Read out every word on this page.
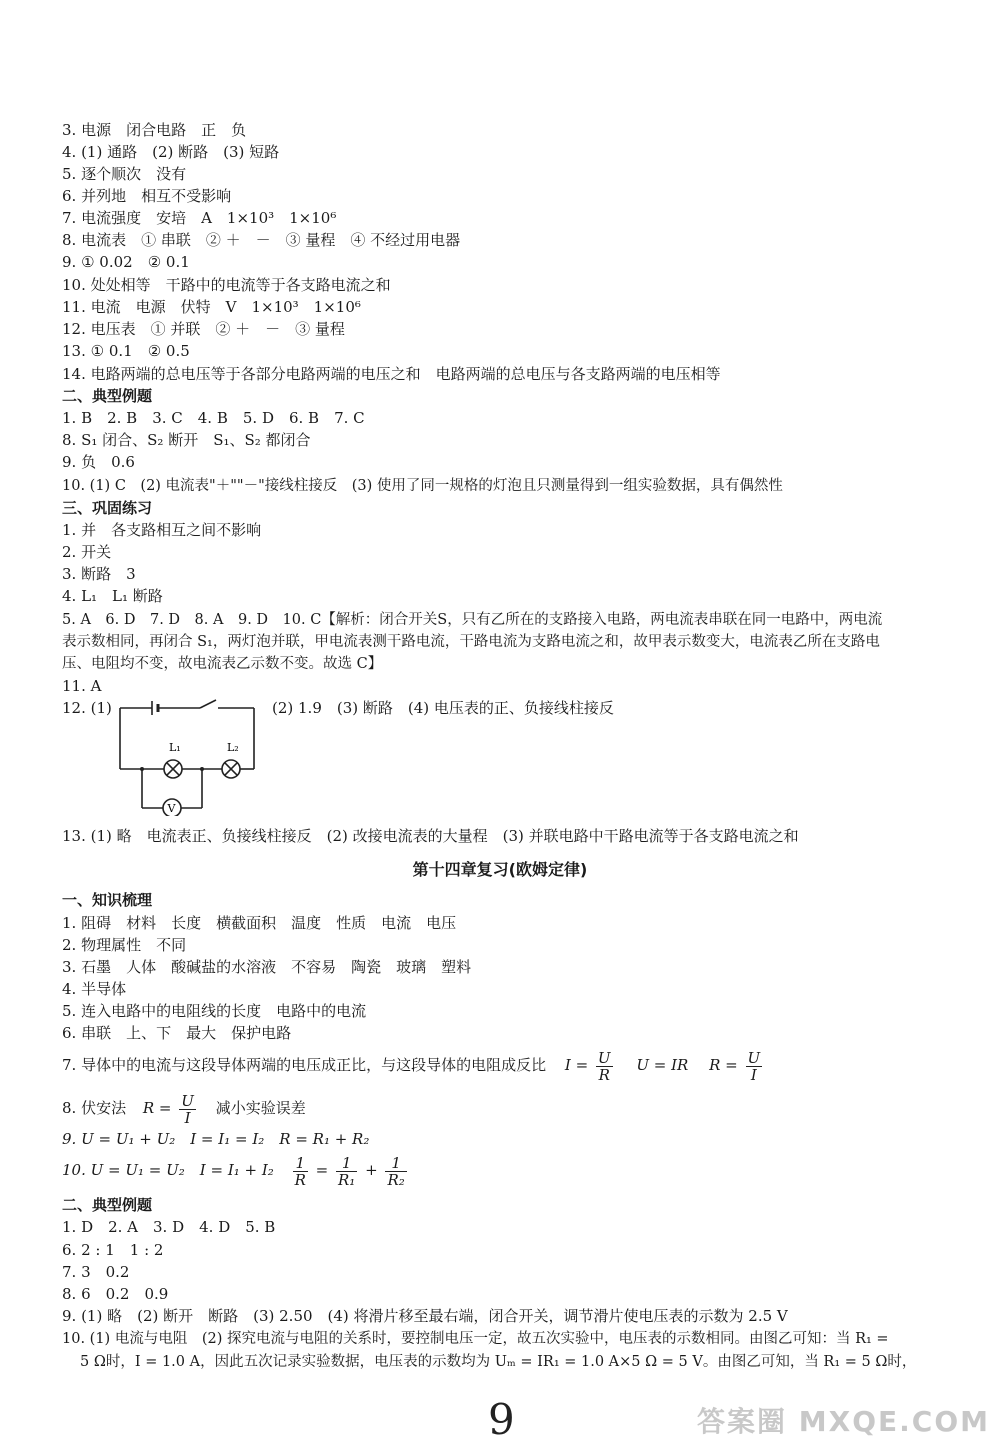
3. 电源　闭合电路　正　负
4. (1) 通路　(2) 断路　(3) 短路
5. 逐个顺次　没有
6. 并列地　相互不受影响
7. 电流强度　安培　A　1×10³　1×10⁶
8. 电流表　① 串联　② ＋　－　③ 量程　④ 不经过用电器
9. ① 0.02　② 0.1
10. 处处相等　干路中的电流等于各支路电流之和
11. 电流　电源　伏特　V　1×10³　1×10⁶
12. 电压表　① 并联　② ＋　－　③ 量程
13. ① 0.1　② 0.5
14. 电路两端的总电压等于各部分电路两端的电压之和　电路两端的总电压与各支路两端的电压相等
二、典型例题
1. B　2. B　3. C　4. B　5. D　6. B　7. C
8. S₁ 闭合、S₂ 断开　S₁、S₂ 都闭合
9. 负　0.6
10. (1) C　(2) 电流表"＋""－"接线柱接反　(3) 使用了同一规格的灯泡且只测量得到一组实验数据，具有偶然性
三、巩固练习
1. 并　各支路相互之间不影响
2. 开关
3. 断路　3
4. L₁　L₁ 断路
5. A　6. D　7. D　8. A　9. D　10. C【解析：闭合开关S，只有乙所在的支路接入电路，两电流表串联在同一电路中，两电流
表示数相同，再闭合 S₁，两灯泡并联，甲电流表测干路电流，干路电流为支路电流之和，故甲表示数变大，电流表乙所在支路电
压、电阻均不变，故电流表乙示数不变。故选 C】
11. A
12. (1)	(2) 1.9　(3) 断路　(4) 电压表的正、负接线柱接反
L₁	L₂
V
13. (1) 略　电流表正、负接线柱接反　(2) 改接电流表的大量程　(3) 并联电路中干路电流等于各支路电流之和
第十四章复习(欧姆定律)
一、知识梳理
1. 阻碍　材料　长度　横截面积　温度　性质　电流　电压
2. 物理属性　不同
3. 石墨　人体　酸碱盐的水溶液　不容易　陶瓷　玻璃　塑料
4. 半导体
5. 连入电路中的电阻线的长度　电路中的电流
6. 串联　上、下　最大　保护电路
7. 导体中的电流与这段导体两端的电压成正比，与这段导体的电阻成反比 $I = \frac{U}{R}$ U = IR $R = \frac{U}{I}$
8. 伏安法 $R = \frac{U}{I}$ 减小实验误差
9. U = U₁ + U₂　I = I₁ = I₂　R = R₁ + R₂
10. U = U₁ = U₂　$I = I_1 + I_2 \frac{1}{R} = \frac{1}{\text{R₁}} + \frac{1}{\text{R₂}}$
二、典型例题
1. D　2. A　3. D　4. D　5. B
6. 2 : 1　1 : 2
7. 3　0.2
8. 6　0.2　0.9
9. (1) 略　(2) 断开　断路　(3) 2.50　(4) 将滑片移至最右端，闭合开关，调节滑片使电压表的示数为 2.5 V
10. (1) 电流与电阻　(2) 探究电流与电阻的关系时，要控制电压一定，故五次实验中，电压表的示数相同。由图乙可知：当 R₁ =
5 Ω时，I = 1.0 A，因此五次记录实验数据，电压表的示数均为 Uₘ = IR₁ = 1.0 A×5 Ω = 5 V。由图乙可知，当 R₁ = 5 Ω时，
9	答案圈 MXQE.COM
